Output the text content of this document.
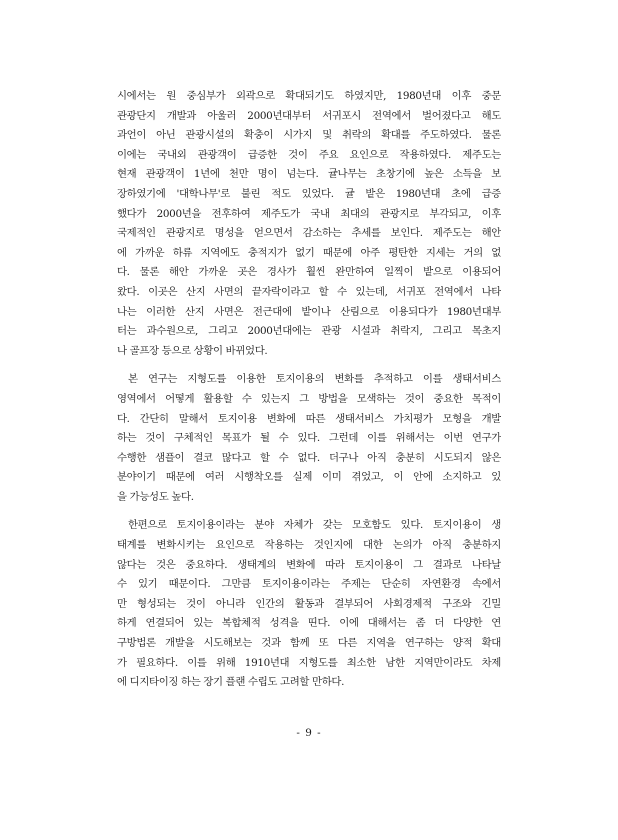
시에서는 원 중심부가 외곽으로 확대되기도 하였지만, 1980년대 이후 중문
관광단지 개발과 아울러 2000년대부터 서귀포시 전역에서 벌어졌다고 해도
과언이 아닌 관광시설의 확충이 시가지 및 취락의 확대를 주도하였다. 물론
이에는 국내외 관광객이 급증한 것이 주요 요인으로 작용하였다. 제주도는
현재 관광객이 1년에 천만 명이 넘는다. 귤나무는 초창기에 높은 소득을 보
장하였기에 '대학나무'로 불린 적도 있었다. 귤 밭은 1980년대 초에 급증
했다가 2000년을 전후하여 제주도가 국내 최대의 관광지로 부각되고, 이후
국제적인 관광지로 명성을 얻으면서 감소하는 추세를 보인다. 제주도는 해안
에 가까운 하류 지역에도 충적지가 없기 때문에 아주 평탄한 지세는 거의 없
다. 물론 해안 가까운 곳은 경사가 훨씬 완만하여 일찍이 밭으로 이용되어
왔다. 이곳은 산지 사면의 끝자락이라고 할 수 있는데, 서귀포 전역에서 나타
나는 이러한 산지 사면은 전근대에 밭이나 산림으로 이용되다가 1980년대부
터는 과수원으로, 그리고 2000년대에는 관광 시설과 취락지, 그리고 목초지
나 골프장 등으로 상황이 바뀌었다.
본 연구는 지형도를 이용한 토지이용의 변화를 추적하고 이를 생태서비스
영역에서 어떻게 활용할 수 있는지 그 방법을 모색하는 것이 중요한 목적이
다. 간단히 말해서 토지이용 변화에 따른 생태서비스 가치평가 모형을 개발
하는 것이 구체적인 목표가 될 수 있다. 그런데 이를 위해서는 이번 연구가
수행한 샘플이 결코 많다고 할 수 없다. 더구나 아직 충분히 시도되지 않은
분야이기 때문에 여러 시행착오를 실제 이미 겪었고, 이 안에 소지하고 있
을 가능성도 높다.
한편으로 토지이용이라는 분야 자체가 갖는 모호함도 있다. 토지이용이 생
태계를 변화시키는 요인으로 작용하는 것인지에 대한 논의가 아직 충분하지
않다는 것은 중요하다. 생태계의 변화에 따라 토지이용이 그 결과로 나타날
수 있기 때문이다. 그만큼 토지이용이라는 주제는 단순히 자연환경 속에서
만 형성되는 것이 아니라 인간의 활동과 결부되어 사회경제적 구조와 긴밀
하게 연결되어 있는 복합체적 성격을 띤다. 이에 대해서는 좀 더 다양한 연
구방법론 개발을 시도해보는 것과 함께 또 다른 지역을 연구하는 양적 확대
가 필요하다. 이를 위해 1910년대 지형도를 최소한 남한 지역만이라도 차제
에 디지타이징 하는 장기 플랜 수립도 고려할 만하다.
- 9 -
